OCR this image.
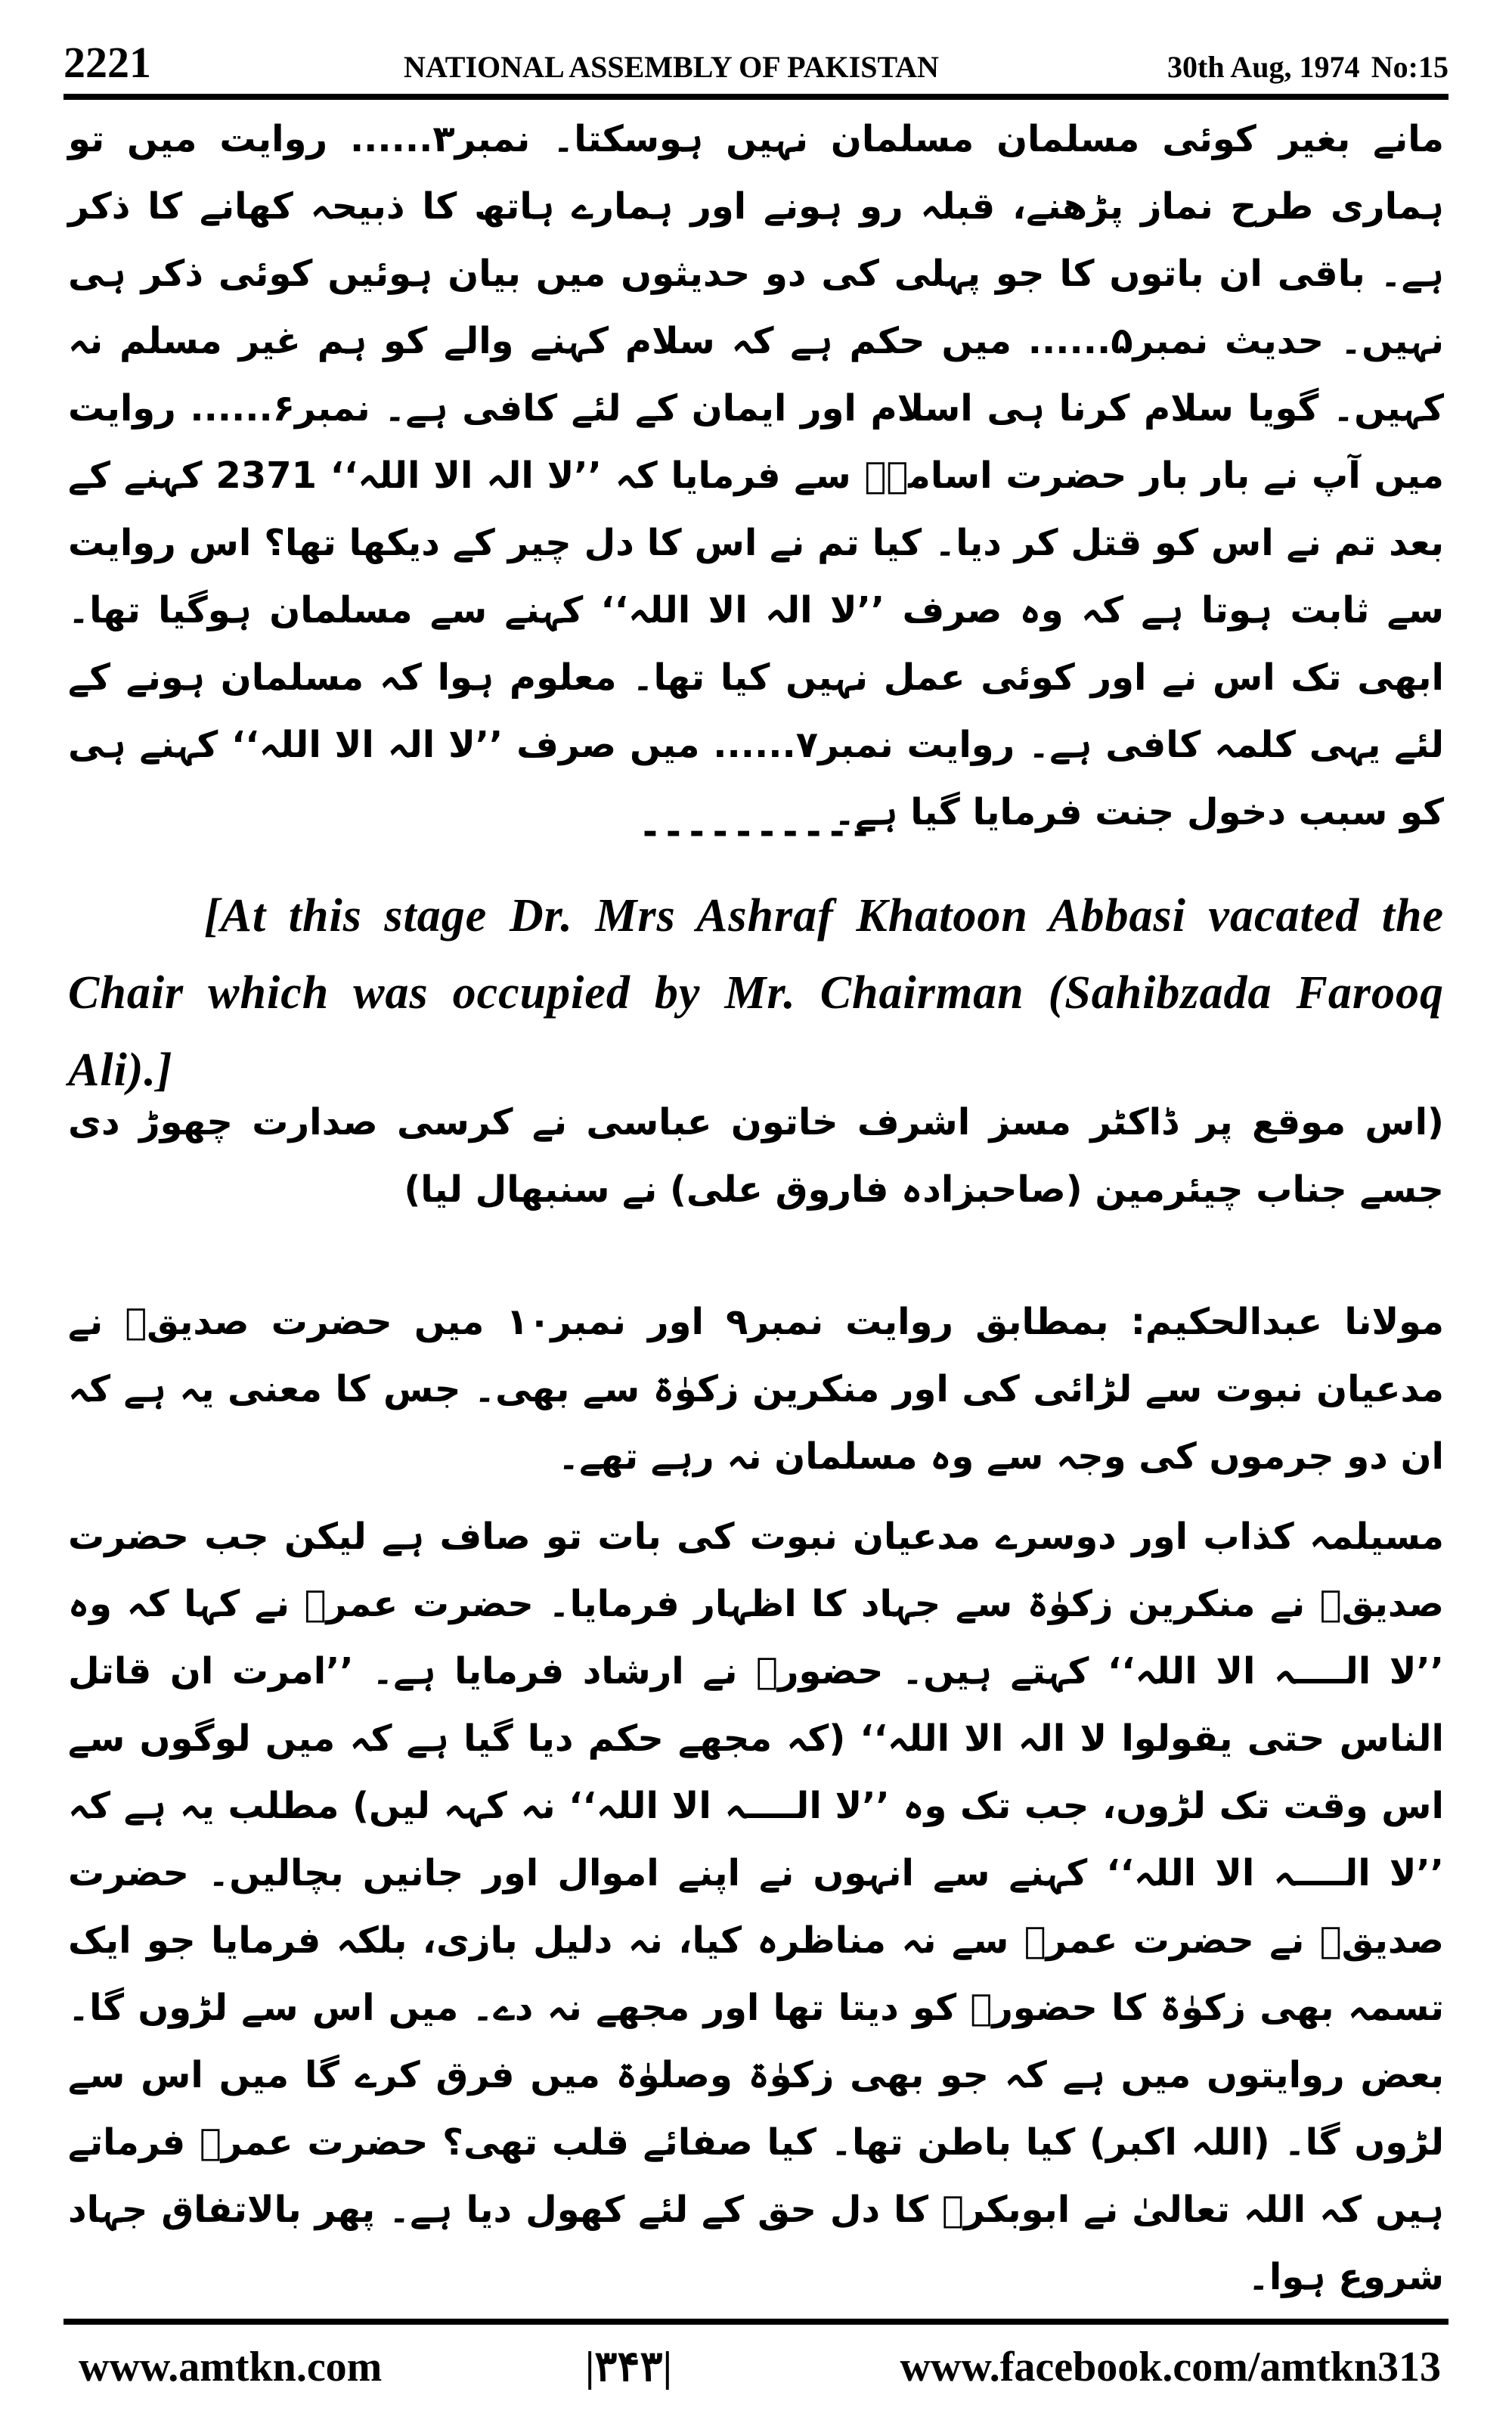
2221	NATIONAL ASSEMBLY OF PAKISTAN	30th Aug, 1974 No:15

مانے بغیر کوئی مسلمان مسلمان نہیں ہوسکتا۔ نمبر۳...... روایت میں تو ہماری طرح نماز پڑھنے، قبلہ رو ہونے اور ہمارے ہاتھ کا ذبیحہ کھانے کا ذکر ہے۔ باقی ان باتوں کا جو پہلی کی دو حدیثوں میں بیان ہوئیں کوئی ذکر ہی نہیں۔ حدیث نمبر۵...... میں حکم ہے کہ سلام کہنے والے کو ہم غیر مسلم نہ کہیں۔ گویا سلام کرنا ہی اسلام اور ایمان کے لئے کافی ہے۔ نمبر۶...... روایت میں آپ نے بار بار حضرت اسامہؓ سے فرمایا کہ ’’لا الہ الا اللہ‘‘ 2371 کہنے کے بعد تم نے اس کو قتل کر دیا۔ کیا تم نے اس کا دل چیر کے دیکھا تھا؟ اس روایت سے ثابت ہوتا ہے کہ وہ صرف ’’لا الہ الا اللہ‘‘ کہنے سے مسلمان ہوگیا تھا۔ ابھی تک اس نے اور کوئی عمل نہیں کیا تھا۔ معلوم ہوا کہ مسلمان ہونے کے لئے یہی کلمہ کافی ہے۔ روایت نمبر۷...... میں صرف ’’لا الہ الا اللہ‘‘ کہنے ہی کو سبب دخول جنت فرمایا گیا ہے۔

----------

[At this stage Dr. Mrs Ashraf Khatoon Abbasi vacated the Chair which was occupied by Mr. Chairman (Sahibzada Farooq Ali).]

(اس موقع پر ڈاکٹر مسز اشرف خاتون عباسی نے کرسی صدارت چھوڑ دی جسے جناب چیئرمین (صاحبزادہ فاروق علی) نے سنبھال لیا)

مولانا عبدالحکیم: بمطابق روایت نمبر۹ اور نمبر۱۰ میں حضرت صدیقؓ نے مدعیان نبوت سے لڑائی کی اور منکرین زکوٰۃ سے بھی۔ جس کا معنی یہ ہے کہ ان دو جرموں کی وجہ سے وہ مسلمان نہ رہے تھے۔

مسیلمہ کذاب اور دوسرے مدعیان نبوت کی بات تو صاف ہے لیکن جب حضرت صدیقؓ نے منکرین زکوٰۃ سے جہاد کا اظہار فرمایا۔ حضرت عمرؓ نے کہا کہ وہ ’’لا الــــہ الا اللہ‘‘ کہتے ہیں۔ حضورﷺ نے ارشاد فرمایا ہے۔ ’’امرت ان قاتل الناس حتی یقولوا لا الہ الا اللہ‘‘ (کہ مجھے حکم دیا گیا ہے کہ میں لوگوں سے اس وقت تک لڑوں، جب تک وہ ’’لا الــــہ الا اللہ‘‘ نہ کہہ لیں) مطلب یہ ہے کہ ’’لا الــــہ الا اللہ‘‘ کہنے سے انہوں نے اپنے اموال اور جانیں بچالیں۔ حضرت صدیقؓ نے حضرت عمرؓ سے نہ مناظرہ کیا، نہ دلیل بازی، بلکہ فرمایا جو ایک تسمہ بھی زکوٰۃ کا حضورﷺ کو دیتا تھا اور مجھے نہ دے۔ میں اس سے لڑوں گا۔ بعض روایتوں میں ہے کہ جو بھی زکوٰۃ وصلوٰۃ میں فرق کرے گا میں اس سے لڑوں گا۔ (اللہ اکبر) کیا باطن تھا۔ کیا صفائے قلب تھی؟ حضرت عمرؓ فرماتے ہیں کہ اللہ تعالیٰ نے ابوبکرؓ کا دل حق کے لئے کھول دیا ہے۔ پھر بالاتفاق جہاد شروع ہوا۔

www.amtkn.com	|۳۴۳|	www.facebook.com/amtkn313
